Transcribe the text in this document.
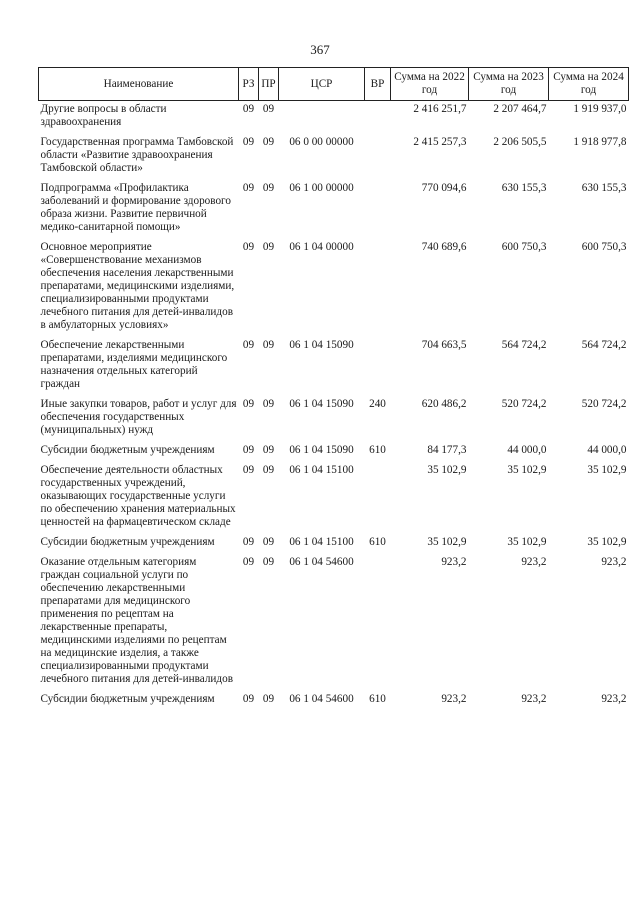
367
Наименование	РЗ	ПР	ЦСР	ВР	Сумма на 2022 год	Сумма на 2023 год	Сумма на 2024 год
Другие вопросы в области здравоохранения	09	09			2 416 251,7	2 207 464,7	1 919 937,0
Государственная программа Тамбовской области «Развитие здравоохранения Тамбовской области»	09	09	06 0 00 00000		2 415 257,3	2 206 505,5	1 918 977,8
Подпрограмма «Профилактика заболеваний и формирование здорового образа жизни. Развитие первичной медико-санитарной помощи»	09	09	06 1 00 00000		770 094,6	630 155,3	630 155,3
Основное мероприятие «Совершенствование механизмов обеспечения населения лекарственными препаратами, медицинскими изделиями, специализированными продуктами лечебного питания для детей-инвалидов в амбулаторных условиях»	09	09	06 1 04 00000		740 689,6	600 750,3	600 750,3
Обеспечение лекарственными препаратами, изделиями медицинского назначения отдельных категорий граждан	09	09	06 1 04 15090		704 663,5	564 724,2	564 724,2
Иные закупки товаров, работ и услуг для обеспечения государственных (муниципальных) нужд	09	09	06 1 04 15090	240	620 486,2	520 724,2	520 724,2
Субсидии бюджетным учреждениям	09	09	06 1 04 15090	610	84 177,3	44 000,0	44 000,0
Обеспечение деятельности областных государственных учреждений, оказывающих государственные услуги по обеспечению хранения материальных ценностей на фармацевтическом складе	09	09	06 1 04 15100		35 102,9	35 102,9	35 102,9
Субсидии бюджетным учреждениям	09	09	06 1 04 15100	610	35 102,9	35 102,9	35 102,9
Оказание отдельным категориям граждан социальной услуги по обеспечению лекарственными препаратами для медицинского применения по рецептам на лекарственные препараты, медицинскими изделиями по рецептам на медицинские изделия, а также специализированными продуктами лечебного питания для детей-инвалидов	09	09	06 1 04 54600		923,2	923,2	923,2
Субсидии бюджетным учреждениям	09	09	06 1 04 54600	610	923,2	923,2	923,2
